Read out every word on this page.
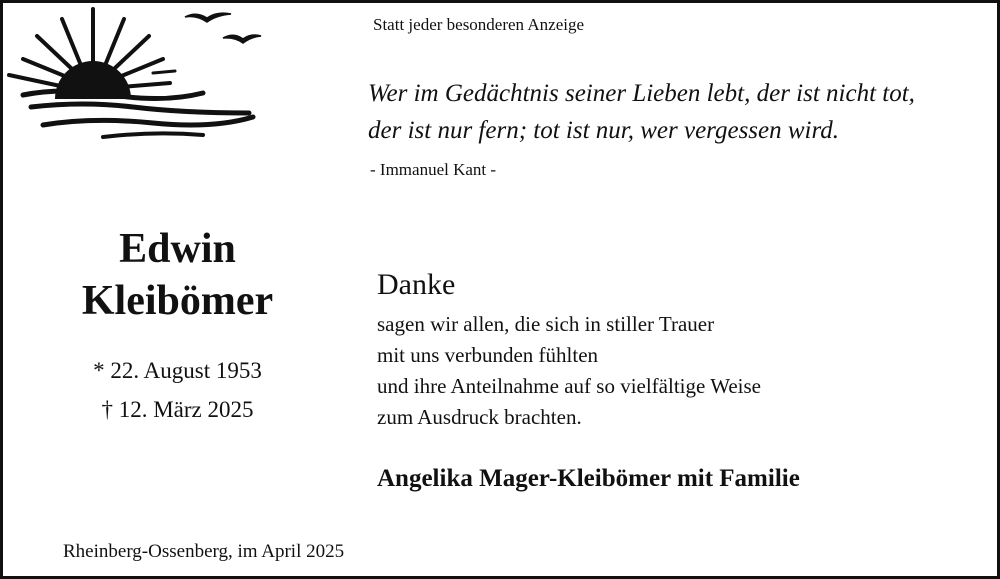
Statt jeder besonderen Anzeige
Wer im Gedächtnis seiner Lieben lebt, der ist nicht tot,
der ist nur fern; tot ist nur, wer vergessen wird.
- Immanuel Kant -
Edwin
Kleibömer
* 22. August 1953
† 12. März 2025
Danke
sagen wir allen, die sich in stiller Trauer
mit uns verbunden fühlten
und ihre Anteilnahme auf so vielfältige Weise
zum Ausdruck brachten.
Angelika Mager-Kleibömer mit Familie
Rheinberg-Ossenberg, im April 2025
